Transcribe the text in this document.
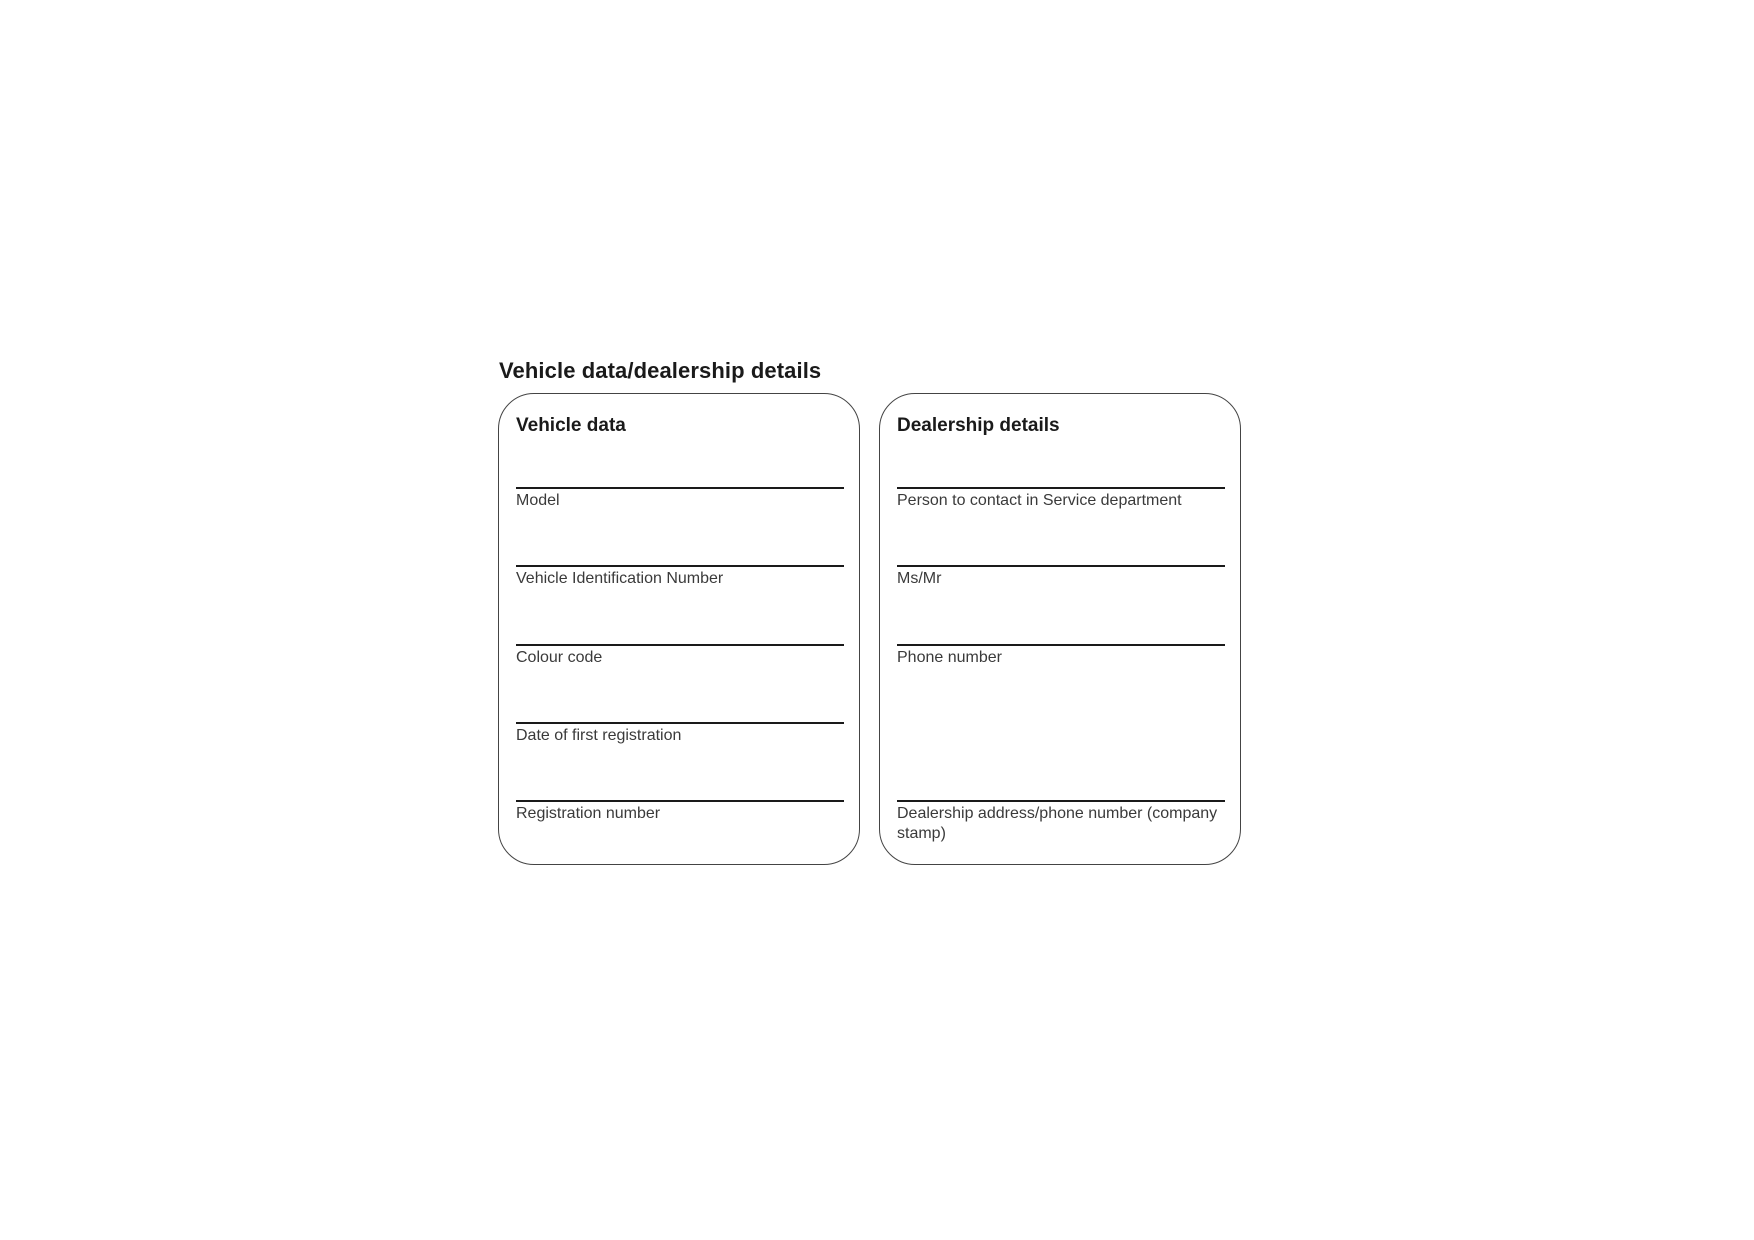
Vehicle data/dealership details
Vehicle data
Model
Vehicle Identification Number
Colour code
Date of first registration
Registration number
Dealership details
Person to contact in Service department
Ms/Mr
Phone number
Dealership address/phone number (company stamp)
